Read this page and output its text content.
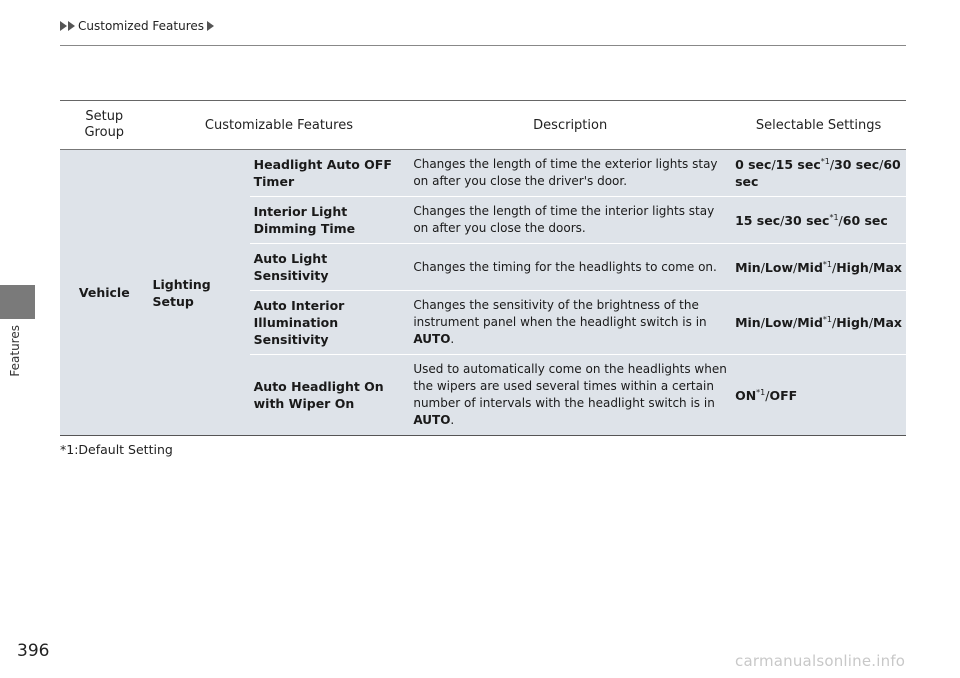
Customized Features
Features
Setup
Group	Customizable Features		Description	Selectable Settings
Vehicle	Lighting Setup	Headlight Auto OFF Timer	Changes the length of time the exterior lights stay on after you close the driver's door.	0 sec/15 $\sec^{*1}/30$ sec/60 sec
		Interior Light Dimming Time	Changes the length of time the interior lights stay on after you close the doors.	15 sec/30 $\sec^{*1}/60$ sec
		Auto Light Sensitivity	Changes the timing for the headlights to come on.	Min/Low/Mid$^{*1}$/High/Max
		Auto Interior Illumination Sensitivity	Changes the sensitivity of the brightness of the instrument panel when the headlight switch is in AUTO.	Min/Low/Mid$^{*1}$/High/Max
		Auto Headlight On with Wiper On	Used to automatically come on the headlights when the wipers are used several times within a certain number of intervals with the headlight switch is in AUTO.	ON$^{*1}$/OFF
*1:Default Setting
396	carmanualsonline.info
